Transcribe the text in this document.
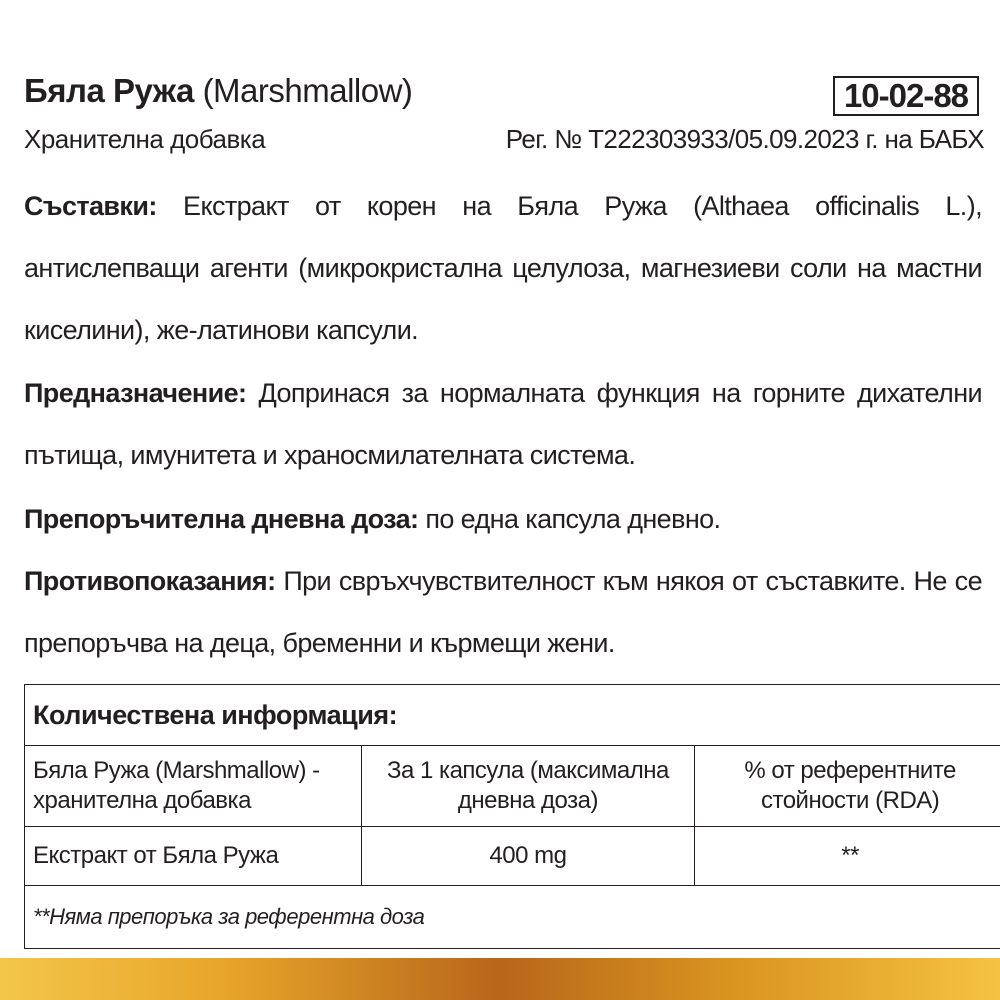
Бяла Ружа (Marshmallow)	10-02-88
Хранителна добавка	Рег. № T222303933/05.09.2023 г. на БАБХ
Съставки: Екстракт от корен на Бяла Ружа (Althaea officinalis L.), антислепващи агенти (микрокристална целулоза, магнезиеви соли на мастни киселини), же-латинови капсули.
Предназначение: Допринася за нормалната функция на горните дихателни пътища, имунитета и храносмилателната система.
Препоръчителна дневна доза: по една капсула дневно.
Противопоказания: При свръхчувствителност към някоя от съставките. Не се препоръчва на деца, бременни и кърмещи жени.
Количествена информация:		
Бяла Ружа (Marshmallow) - хранителна добавка	За 1 капсула (максимална дневна доза)	% от референтните стойности (RDA)
Екстракт от Бяла Ружа	400 mg	**
**Няма препоръка за референтна доза		
